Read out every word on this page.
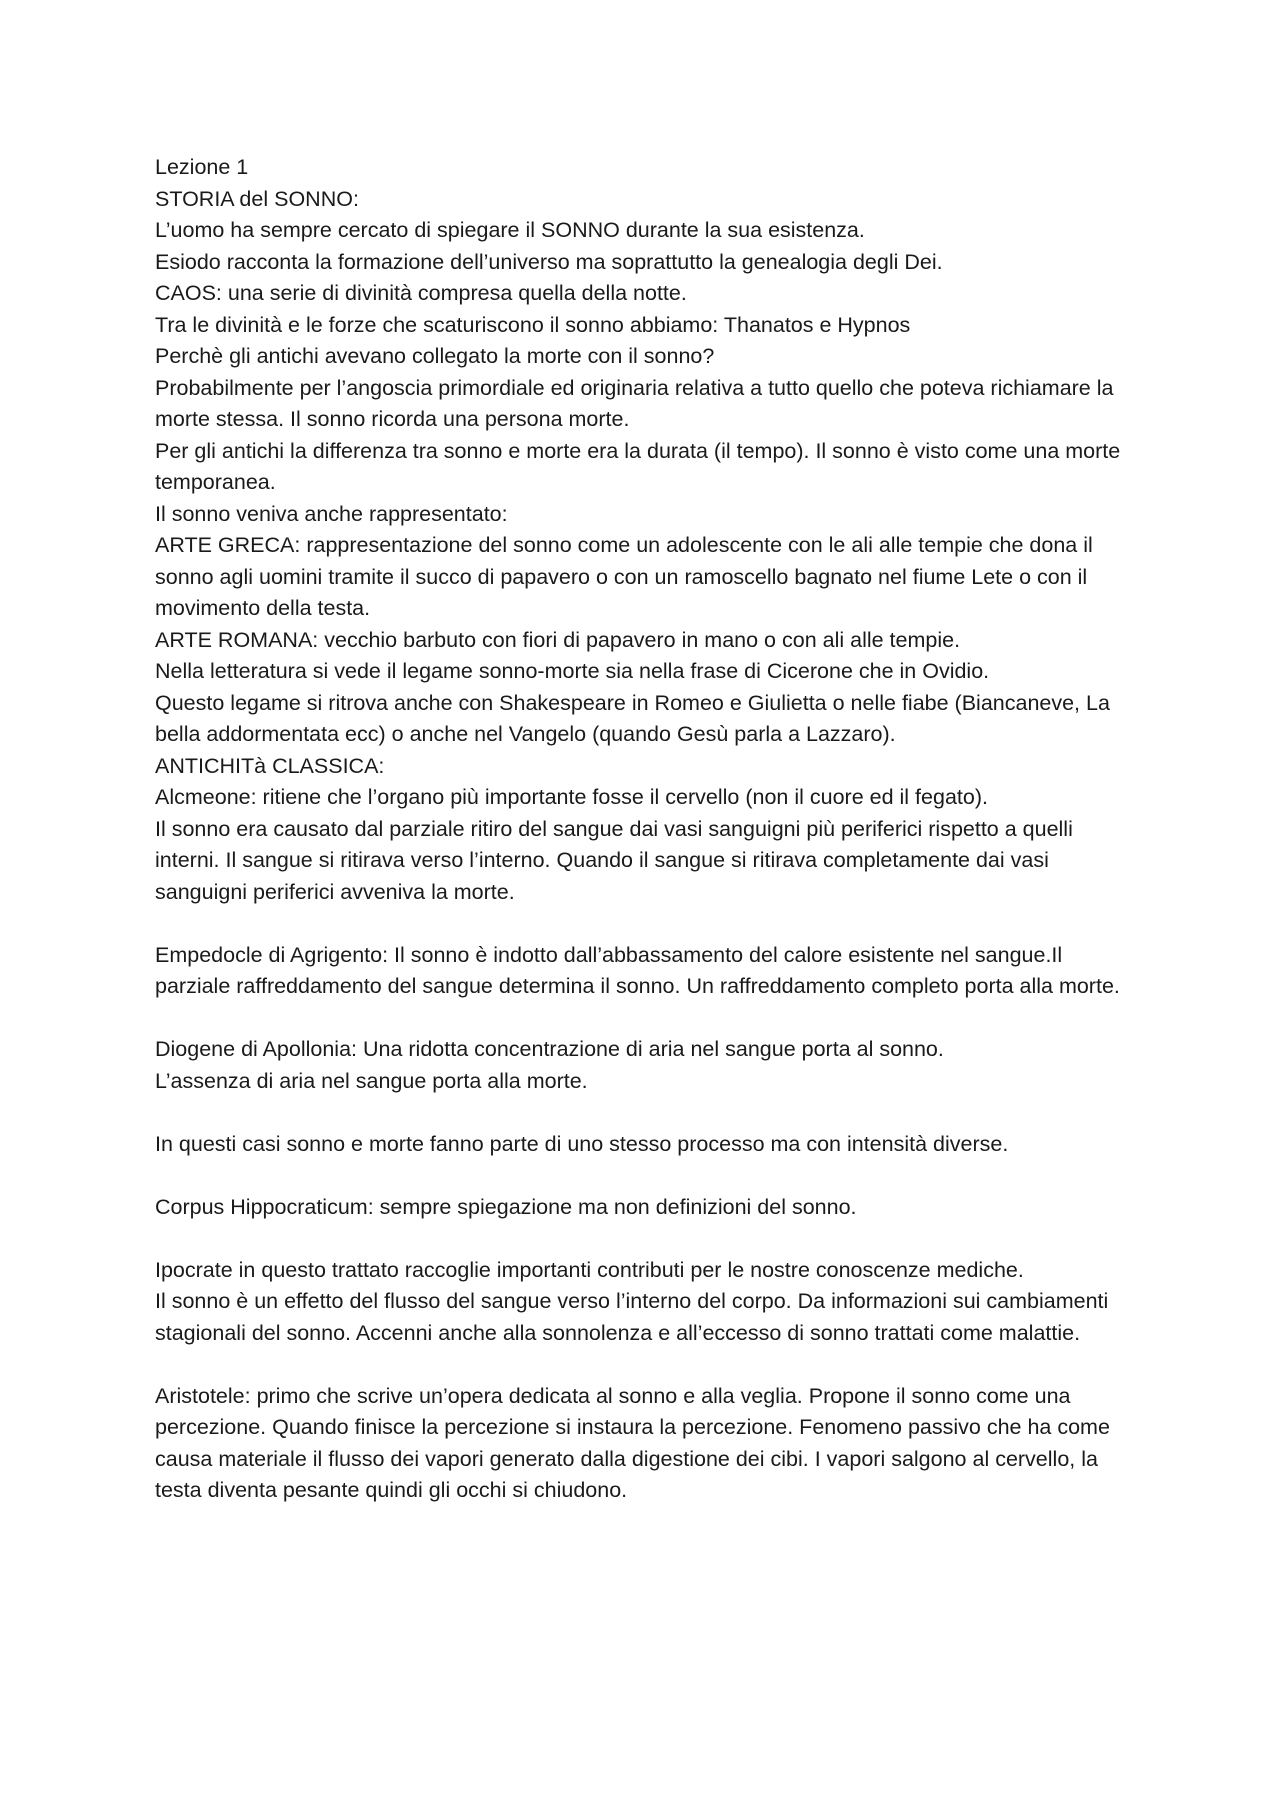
Lezione 1

STORIA del SONNO:

L’uomo ha sempre cercato di spiegare il SONNO durante la sua esistenza.

Esiodo racconta la formazione dell’universo ma soprattutto la genealogia degli Dei.

CAOS: una serie di divinità compresa quella della notte.

Tra le divinità e le forze che scaturiscono il sonno abbiamo: Thanatos e Hypnos

Perchè gli antichi avevano collegato la morte con il sonno?

Probabilmente per l’angoscia primordiale ed originaria relativa a tutto quello che poteva richiamare la morte stessa. Il sonno ricorda una persona morte.

Per gli antichi la differenza tra sonno e morte era la durata (il tempo). Il sonno è visto come una morte temporanea.

Il sonno veniva anche rappresentato:

ARTE GRECA: rappresentazione del sonno come un adolescente con le ali alle tempie che dona il sonno agli uomini tramite il succo di papavero o con un ramoscello bagnato nel fiume Lete o con il movimento della testa.

ARTE ROMANA: vecchio barbuto con fiori di papavero in mano o con ali alle tempie.

Nella letteratura si vede il legame sonno-morte sia nella frase di Cicerone che in Ovidio.

Questo legame si ritrova anche con Shakespeare in Romeo e Giulietta o nelle fiabe (Biancaneve, La bella addormentata ecc) o anche nel Vangelo (quando Gesù parla a Lazzaro).

ANTICHITà CLASSICA:

Alcmeone: ritiene che l’organo più importante fosse il cervello (non il cuore ed il fegato).

Il sonno era causato dal parziale ritiro del sangue dai vasi sanguigni più periferici rispetto a quelli interni. Il sangue si ritirava verso l’interno. Quando il sangue si ritirava completamente dai vasi sanguigni periferici avveniva la morte.

Empedocle di Agrigento: Il sonno è indotto dall’abbassamento del calore esistente nel sangue.Il parziale raffreddamento del sangue determina il sonno. Un raffreddamento completo porta alla morte.

Diogene di Apollonia: Una ridotta concentrazione di aria nel sangue porta al sonno.

L’assenza di aria nel sangue porta alla morte.

In questi casi sonno e morte fanno parte di uno stesso processo ma con intensità diverse.

Corpus Hippocraticum: sempre spiegazione ma non definizioni del sonno.

Ipocrate in questo trattato raccoglie importanti contributi per le nostre conoscenze mediche.

Il sonno è un effetto del flusso del sangue verso l’interno del corpo. Da informazioni sui cambiamenti stagionali del sonno. Accenni anche alla sonnolenza e all’eccesso di sonno trattati come malattie.

Aristotele: primo che scrive un’opera dedicata al sonno e alla veglia. Propone il sonno come una percezione. Quando finisce la percezione si instaura la percezione. Fenomeno passivo che ha come causa materiale il flusso dei vapori generato dalla digestione dei cibi. I vapori salgono al cervello, la testa diventa pesante quindi gli occhi si chiudono.
